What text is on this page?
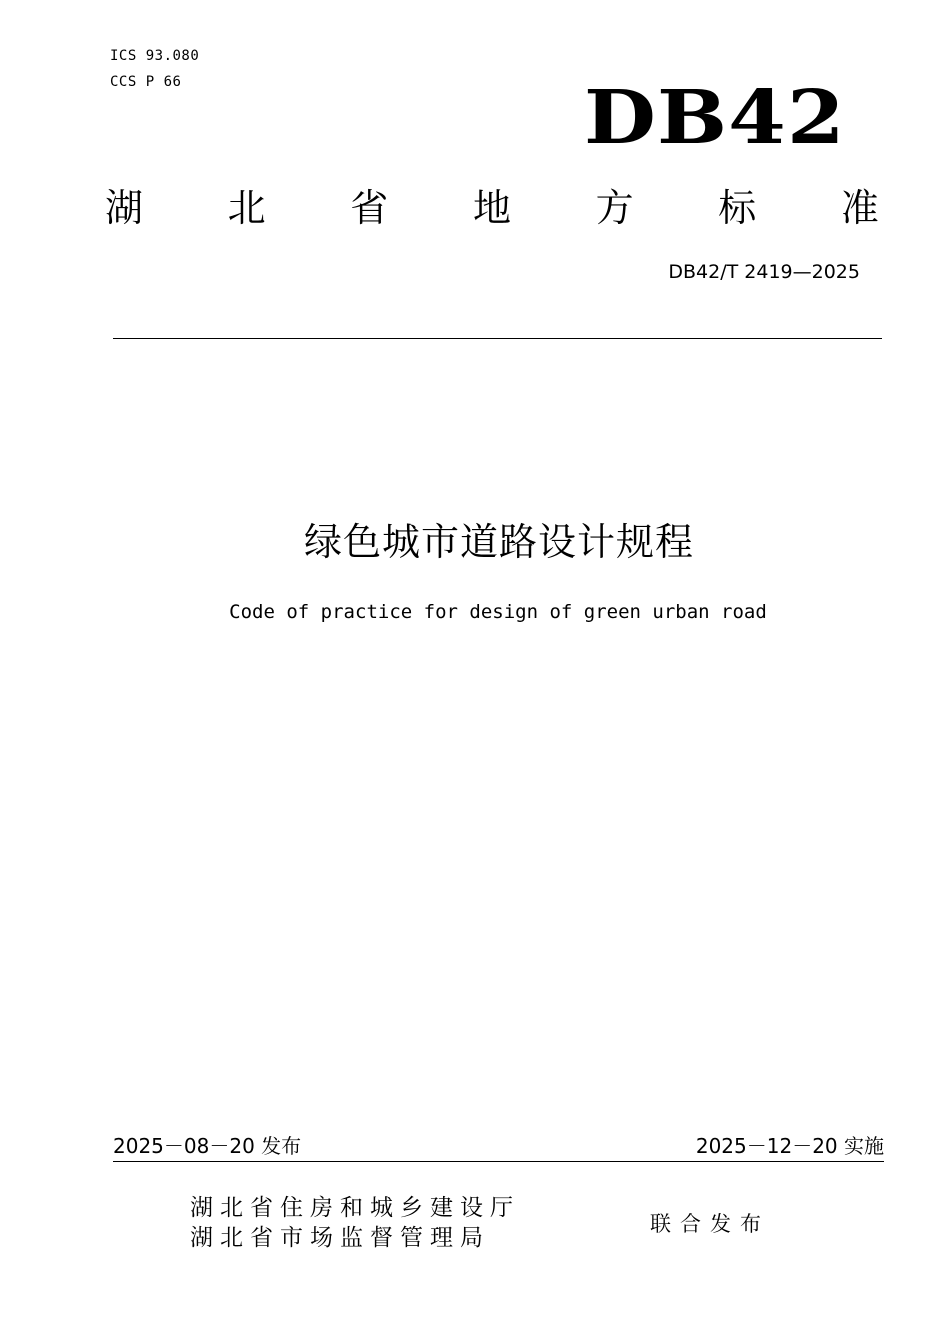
ICS 93.080
CCS P 66	DB42
湖 北 省 地 方 标 准
DB42/T 2419—2025
绿色城市道路设计规程
Code of practice for design of green urban road
2025－08－20 发布	2025－12－20 实施
湖北省住房和城乡建设厅
湖北省市场监督管理局
联合发布
